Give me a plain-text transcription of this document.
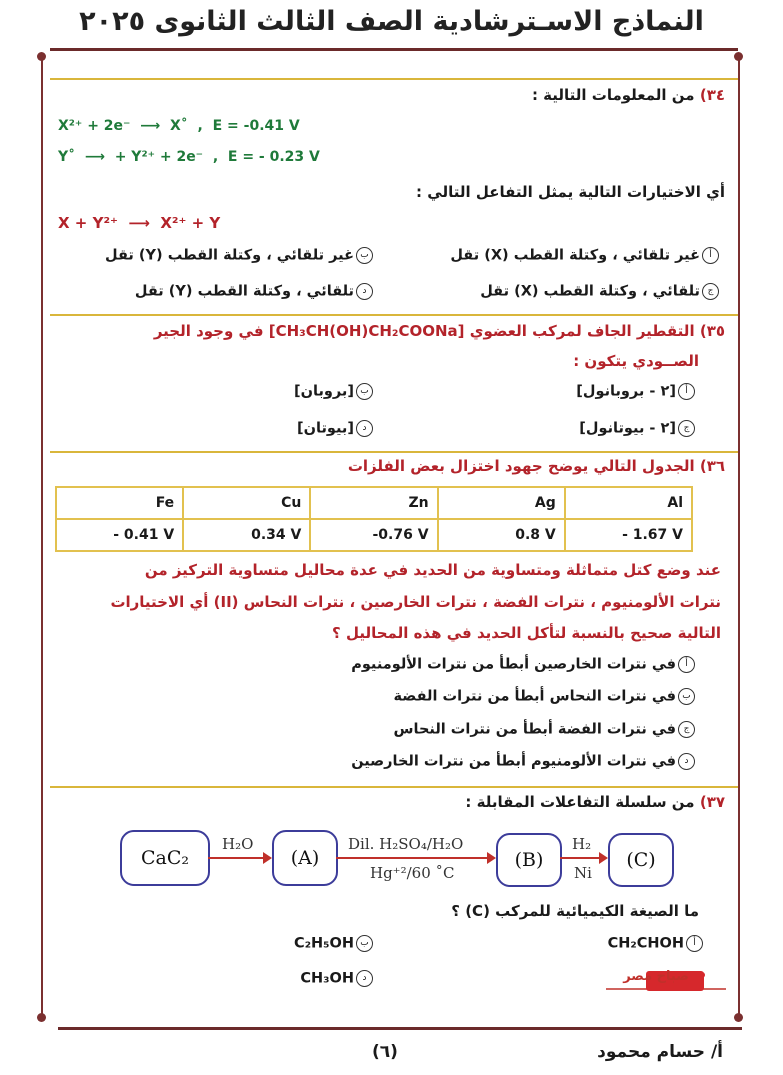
النماذج الاسـترشادية الصف الثالث الثانوى ٢٠٢٥
٣٤) من المعلومات التالية :
X²⁺ + 2e⁻  ⟶  X˚  ,  E = -0.41 V
Y˚  ⟶  + Y²⁺ + 2e⁻  ,  E = - 0.23 V
أي الاختيارات التالية يمثل التفاعل التالي :
X + Y²⁺  ⟶  X²⁺ + Y
أغير تلقائي ، وكتلة القطب (X) تقل
بغير تلقائي ، وكتلة القطب (Y) تقل
جتلقائي ، وكتلة القطب (X) تقل
دتلقائي ، وكتلة القطب (Y) تقل
٣٥) التقطير الجاف لمركب العضوي [CH₃CH(OH)CH₂COONa] في وجود الجير
الصــودي يتكون :
أ[٢ - بروبانول]
ب[بروبان]
ج[٢ - بيوتانول]
د[بيوتان]
٣٦) الجدول التالي يوضح جهود اختزال بعض الفلزات
Fe	Cu	Zn	Ag	Al
- 0.41 V	0.34 V	-0.76 V	0.8 V	- 1.67 V
عند وضع كتل متماثلة ومتساوية من الحديد في عدة محاليل متساوية التركيز من
نترات الألومنيوم ، نترات الفضة ، نترات الخارصين ، نترات النحاس (II) أي الاختيارات
التالية صحيح بالنسبة لتأكل الحديد في هذه المحاليل ؟
أفي نترات الخارصين أبطأ من نترات الألومنيوم
بفي نترات النحاس أبطأ من نترات الفضة
جفي نترات الفضة أبطأ من نترات النحاس
دفي نترات الألومنيوم أبطأ من نترات الخارصين
٣٧) من سلسلة التفاعلات المقابلة :
CaC₂	→
H₂O
(A)
Dil. H₂SO₄/H₂O
Hg⁺²/60 ˚C
(B)	→
H₂
Ni
(C)
ما الصيغة الكيميائية للمركب (C) ؟
أCH₂CHOH
بC₂H₅OH
دCH₃OH	صباح مصر
(٦)	أ/ حسام محمود
